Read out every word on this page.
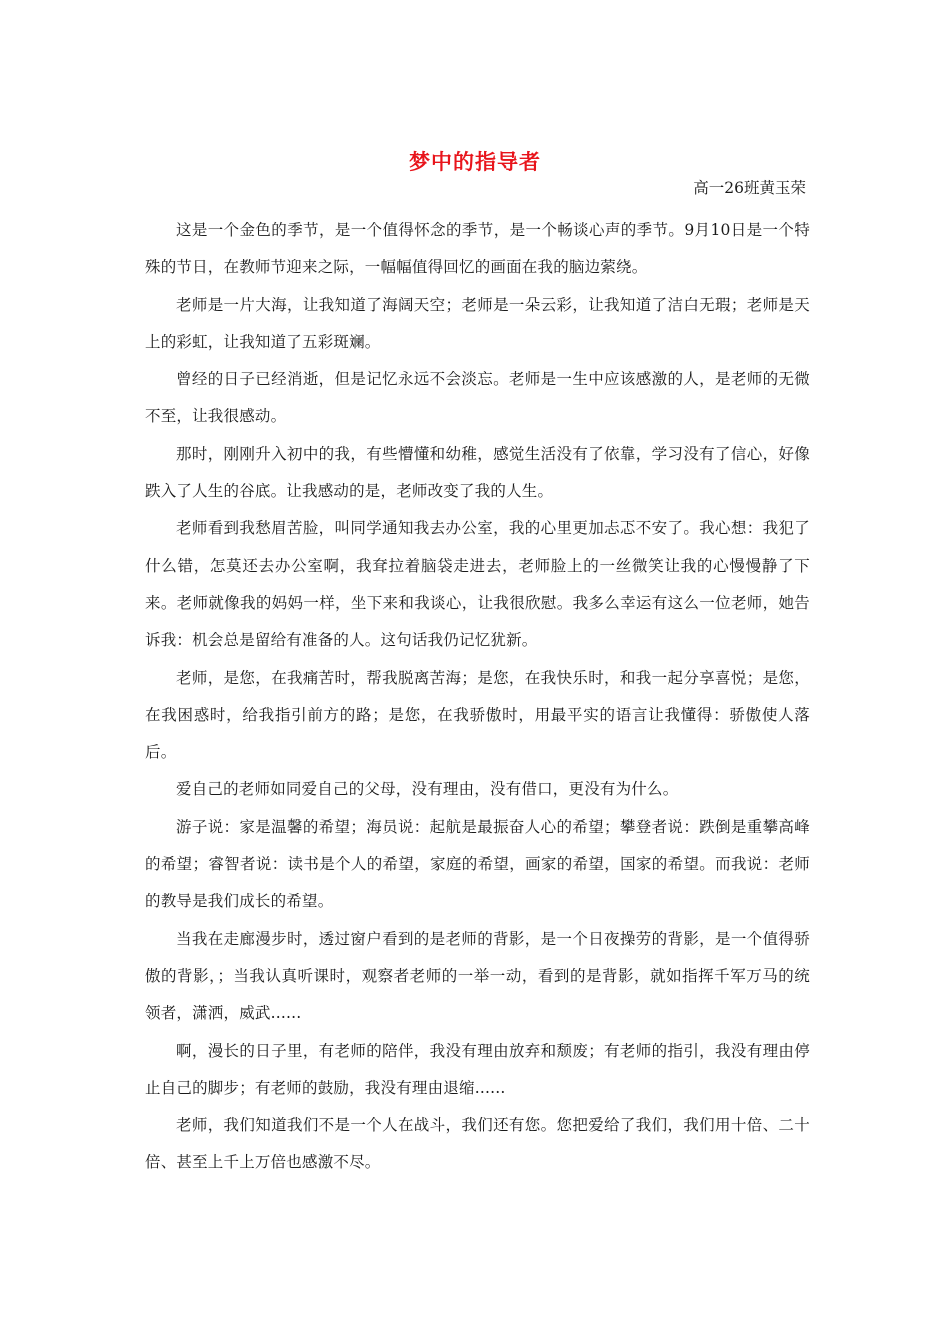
梦中的指导者
高一26班黄玉荣

这是一个金色的季节，是一个值得怀念的季节，是一个畅谈心声的季节。9月10日是一个特殊的节日，在教师节迎来之际，一幅幅值得回忆的画面在我的脑边萦绕。

老师是一片大海，让我知道了海阔天空；老师是一朵云彩，让我知道了洁白无瑕；老师是天上的彩虹，让我知道了五彩斑斓。

曾经的日子已经消逝，但是记忆永远不会淡忘。老师是一生中应该感激的人，是老师的无微不至，让我很感动。

那时，刚刚升入初中的我，有些懵懂和幼稚，感觉生活没有了依靠，学习没有了信心，好像跌入了人生的谷底。让我感动的是，老师改变了我的人生。

老师看到我愁眉苦脸，叫同学通知我去办公室，我的心里更加忐忑不安了。我心想：我犯了什么错，怎莫还去办公室啊，我耷拉着脑袋走进去，老师脸上的一丝微笑让我的心慢慢静了下来。老师就像我的妈妈一样，坐下来和我谈心，让我很欣慰。我多么幸运有这么一位老师，她告诉我：机会总是留给有准备的人。这句话我仍记忆犹新。

老师，是您，在我痛苦时，帮我脱离苦海；是您，在我快乐时，和我一起分享喜悦；是您，在我困惑时，给我指引前方的路；是您，在我骄傲时，用最平实的语言让我懂得：骄傲使人落后。

爱自己的老师如同爱自己的父母，没有理由，没有借口，更没有为什么。

游子说：家是温馨的希望；海员说：起航是最振奋人心的希望；攀登者说：跌倒是重攀高峰的希望；睿智者说：读书是个人的希望，家庭的希望，画家的希望，国家的希望。而我说：老师的教导是我们成长的希望。

当我在走廊漫步时，透过窗户看到的是老师的背影，是一个日夜操劳的背影，是一个值得骄傲的背影，；当我认真听课时，观察者老师的一举一动，看到的是背影，就如指挥千军万马的统领者，潇洒，威武......

啊，漫长的日子里，有老师的陪伴，我没有理由放弃和颓废；有老师的指引，我没有理由停止自己的脚步；有老师的鼓励，我没有理由退缩......

老师，我们知道我们不是一个人在战斗，我们还有您。您把爱给了我们，我们用十倍、二十倍、甚至上千上万倍也感激不尽。
